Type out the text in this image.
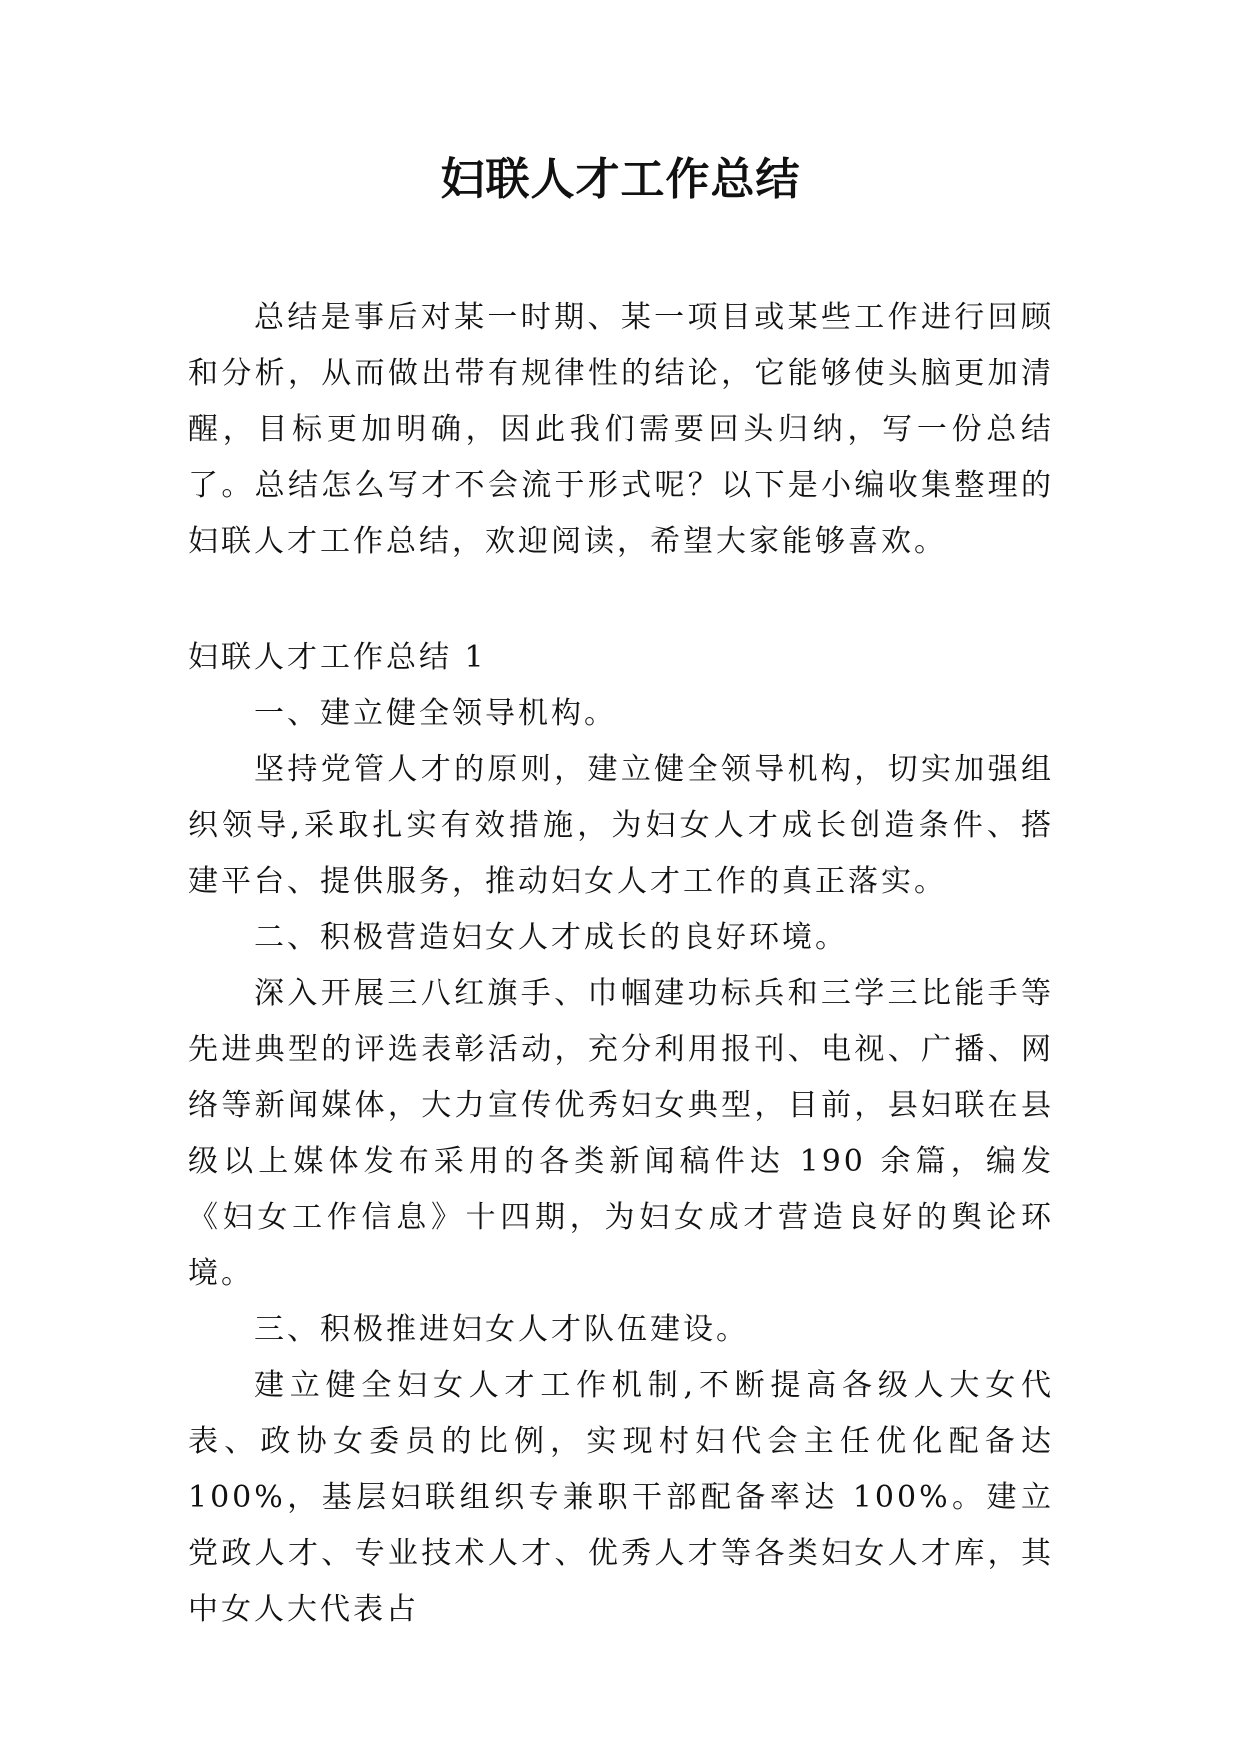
妇联人才工作总结

总结是事后对某一时期、某一项目或某些工作进行回顾和分析，从而做出带有规律性的结论，它能够使头脑更加清醒，目标更加明确，因此我们需要回头归纳，写一份总结了。总结怎么写才不会流于形式呢？以下是小编收集整理的妇联人才工作总结，欢迎阅读，希望大家能够喜欢。

妇联人才工作总结 1

一、建立健全领导机构。

坚持党管人才的原则，建立健全领导机构，切实加强组织领导,采取扎实有效措施，为妇女人才成长创造条件、搭建平台、提供服务，推动妇女人才工作的真正落实。

二、积极营造妇女人才成长的良好环境。

深入开展三八红旗手、巾帼建功标兵和三学三比能手等先进典型的评选表彰活动，充分利用报刊、电视、广播、网络等新闻媒体，大力宣传优秀妇女典型，目前，县妇联在县级以上媒体发布采用的各类新闻稿件达 190 余篇，编发《妇女工作信息》十四期，为妇女成才营造良好的舆论环境。

三、积极推进妇女人才队伍建设。

建立健全妇女人才工作机制,不断提高各级人大女代表、政协女委员的比例，实现村妇代会主任优化配备达 100%，基层妇联组织专兼职干部配备率达 100%。建立党政人才、专业技术人才、优秀人才等各类妇女人才库，其中女人大代表占
